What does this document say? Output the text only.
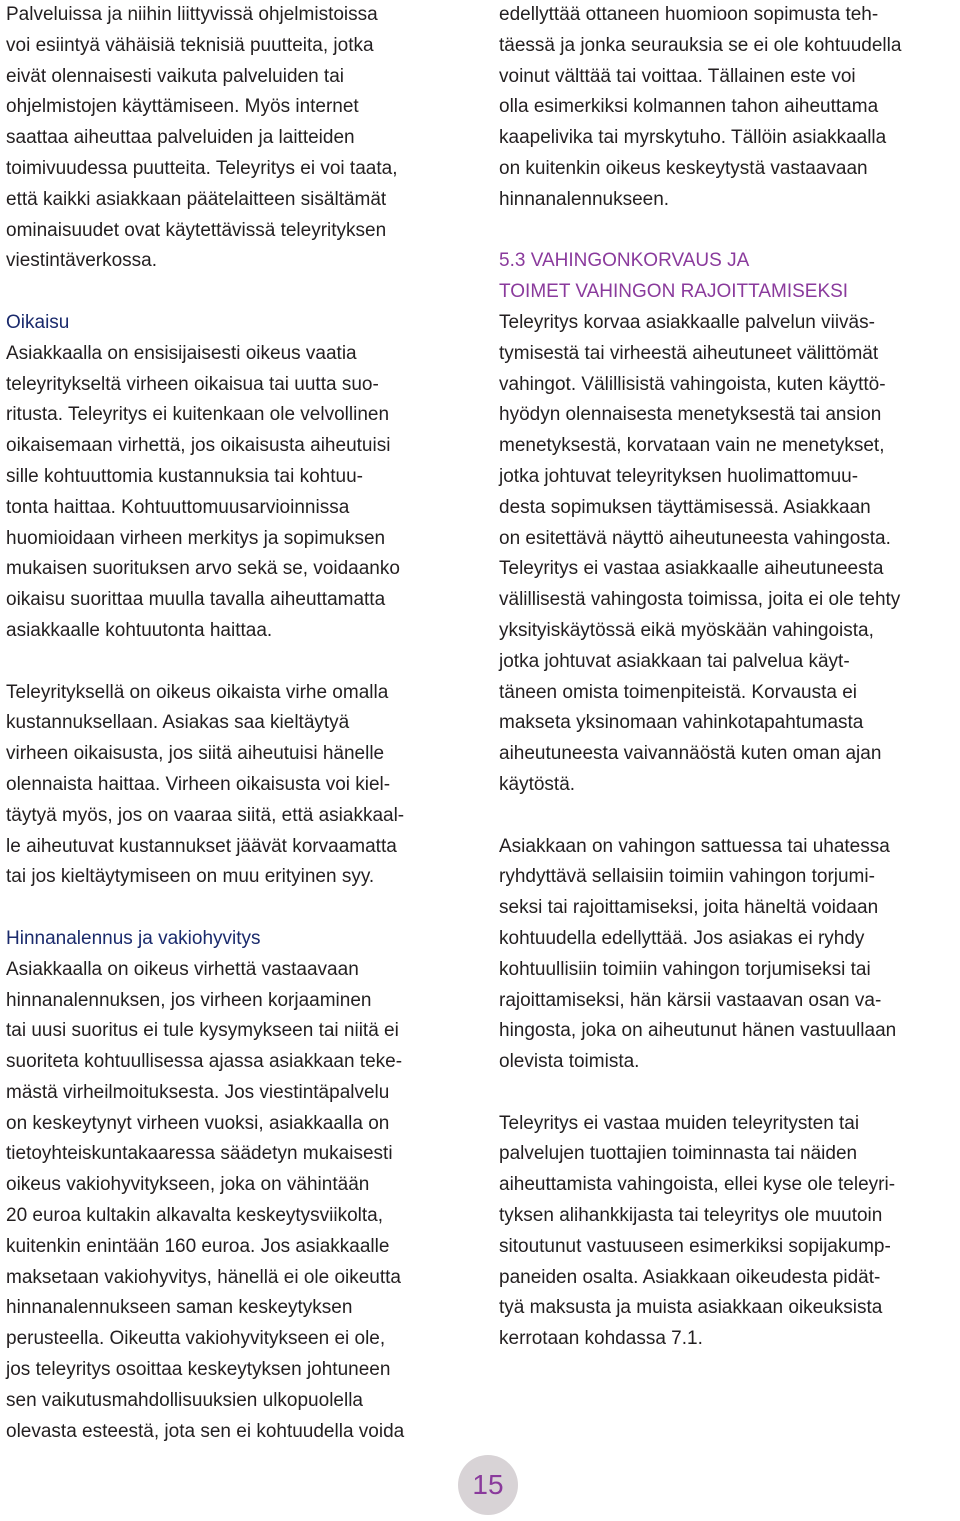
Palveluissa ja niihin liittyvissä ohjelmistoissa
voi esiintyä vähäisiä teknisiä puutteita, jotka
eivät olennaisesti vaikuta palveluiden tai
ohjelmistojen käyttämiseen. Myös internet
saattaa aiheuttaa palveluiden ja laitteiden
toimivuudessa puutteita. Teleyritys ei voi taata,
että kaikki asiakkaan päätelaitteen sisältämät
ominaisuudet ovat käytettävissä teleyrityksen
viestintäverkossa.
Oikaisu
Asiakkaalla on ensisijaisesti oikeus vaatia
teleyritykseltä virheen oikaisua tai uutta suo-
ritusta. Teleyritys ei kuitenkaan ole velvollinen
oikaisemaan virhettä, jos oikaisusta aiheutuisi
sille kohtuuttomia kustannuksia tai kohtuu-
tonta haittaa. Kohtuuttomuusarvioinnissa
huomioidaan virheen merkitys ja sopimuksen
mukaisen suorituksen arvo sekä se, voidaanko
oikaisu suorittaa muulla tavalla aiheuttamatta
asiakkaalle kohtuutonta haittaa.
Teleyrityksellä on oikeus oikaista virhe omalla
kustannuksellaan. Asiakas saa kieltäytyä
virheen oikaisusta, jos siitä aiheutuisi hänelle
olennaista haittaa. Virheen oikaisusta voi kiel-
täytyä myös, jos on vaaraa siitä, että asiakkaal-
le aiheutuvat kustannukset jäävät korvaamatta
tai jos kieltäytymiseen on muu erityinen syy.
Hinnanalennus ja vakiohyvitys
Asiakkaalla on oikeus virhettä vastaavaan
hinnanalennuksen, jos virheen korjaaminen
tai uusi suoritus ei tule kysymykseen tai niitä ei
suoriteta kohtuullisessa ajassa asiakkaan teke-
mästä virheilmoituksesta. Jos viestintäpalvelu
on keskeytynyt virheen vuoksi, asiakkaalla on
tietoyhteiskuntakaaressa säädetyn mukaisesti
oikeus vakiohyvitykseen, joka on vähintään
20 euroa kultakin alkavalta keskeytysviikolta,
kuitenkin enintään 160 euroa. Jos asiakkaalle
maksetaan vakiohyvitys, hänellä ei ole oikeutta
hinnanalennukseen saman keskeytyksen
perusteella. Oikeutta vakiohyvitykseen ei ole,
jos teleyritys osoittaa keskeytyksen johtuneen
sen vaikutusmahdollisuuksien ulkopuolella
olevasta esteestä, jota sen ei kohtuudella voida
edellyttää ottaneen huomioon sopimusta teh-
täessä ja jonka seurauksia se ei ole kohtuudella
voinut välttää tai voittaa. Tällainen este voi
olla esimerkiksi kolmannen tahon aiheuttama
kaapelivika tai myrskytuho. Tällöin asiakkaalla
on kuitenkin oikeus keskeytystä vastaavaan
hinnanalennukseen.
5.3 VAHINGONKORVAUS JA
TOIMET VAHINGON RAJOITTAMISEKSI
Teleyritys korvaa asiakkaalle palvelun viiväs-
tymisestä tai virheestä aiheutuneet välittömät
vahingot. Välillisistä vahingoista, kuten käyttö-
hyödyn olennaisesta menetyksestä tai ansion
menetyksestä, korvataan vain ne menetykset,
jotka johtuvat teleyrityksen huolimattomuu-
desta sopimuksen täyttämisessä. Asiakkaan
on esitettävä näyttö aiheutuneesta vahingosta.
Teleyritys ei vastaa asiakkaalle aiheutuneesta
välillisestä vahingosta toimissa, joita ei ole tehty
yksityiskäytössä eikä myöskään vahingoista,
jotka johtuvat asiakkaan tai palvelua käyt-
täneen omista toimenpiteistä. Korvausta ei
makseta yksinomaan vahinkotapahtumasta
aiheutuneesta vaivannäöstä kuten oman ajan
käytöstä.
Asiakkaan on vahingon sattuessa tai uhatessa
ryhdyttävä sellaisiin toimiin vahingon torjumi-
seksi tai rajoittamiseksi, joita häneltä voidaan
kohtuudella edellyttää. Jos asiakas ei ryhdy
kohtuullisiin toimiin vahingon torjumiseksi tai
rajoittamiseksi, hän kärsii vastaavan osan va-
hingosta, joka on aiheutunut hänen vastuullaan
olevista toimista.
Teleyritys ei vastaa muiden teleyritysten tai
palvelujen tuottajien toiminnasta tai näiden
aiheuttamista vahingoista, ellei kyse ole teleyri-
tyksen alihankkijasta tai teleyritys ole muutoin
sitoutunut vastuuseen esimerkiksi sopijakump-
paneiden osalta. Asiakkaan oikeudesta pidät-
tyä maksusta ja muista asiakkaan oikeuksista
kerrotaan kohdassa 7.1.
15
